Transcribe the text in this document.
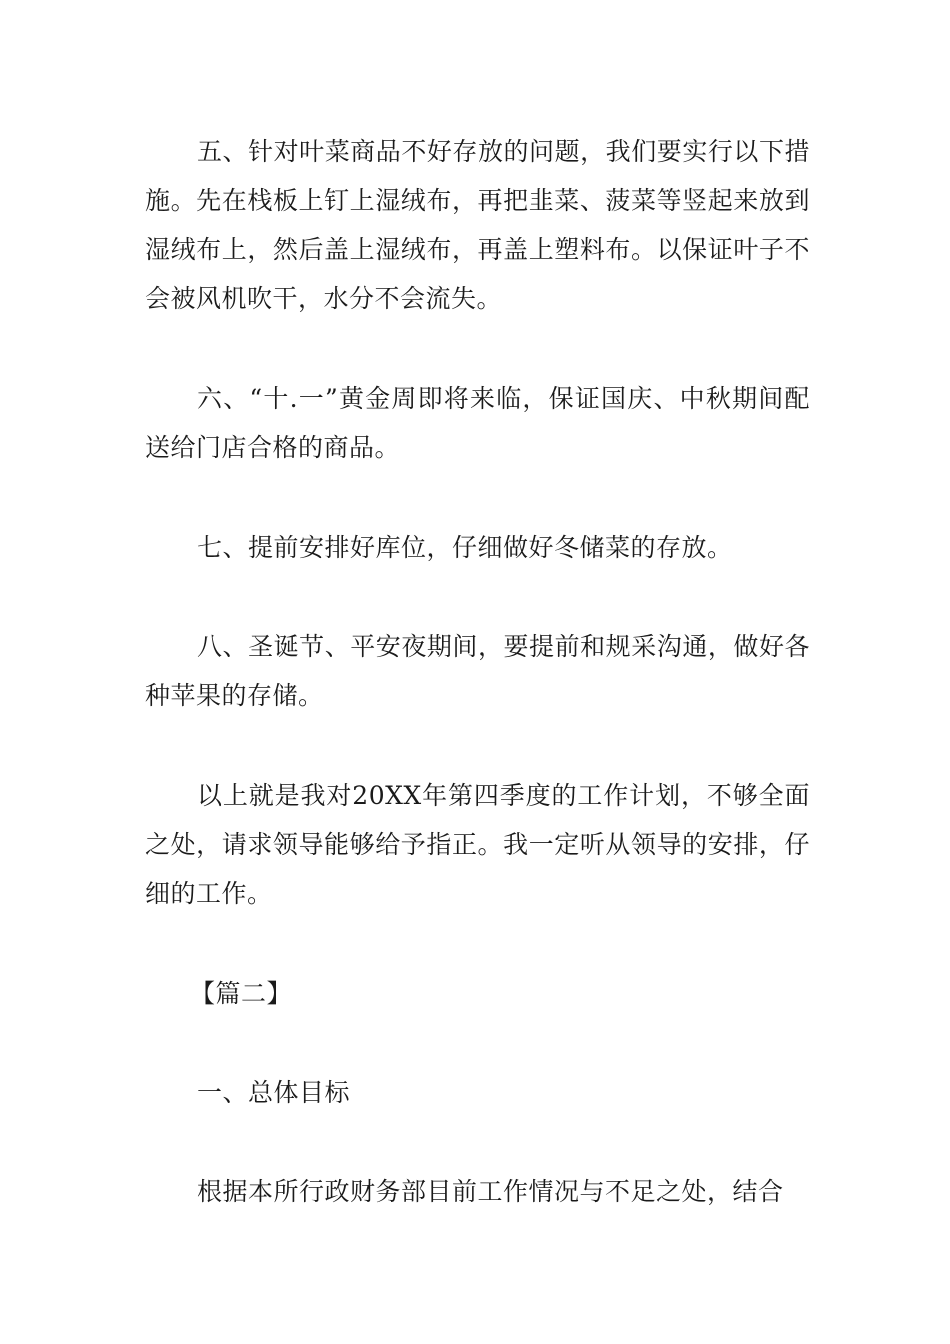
五、针对叶菜商品不好存放的问题，我们要实行以下措施。先在栈板上钉上湿绒布，再把韭菜、菠菜等竖起来放到湿绒布上，然后盖上湿绒布，再盖上塑料布。以保证叶子不会被风机吹干，水分不会流失。

六、“十.一”黄金周即将来临，保证国庆、中秋期间配送给门店合格的商品。

七、提前安排好库位，仔细做好冬储菜的存放。

八、圣诞节、平安夜期间，要提前和规采沟通，做好各种苹果的存储。

以上就是我对20XX年第四季度的工作计划，不够全面之处，请求领导能够给予指正。我一定听从领导的安排，仔细的工作。

【篇二】

一、总体目标

根据本所行政财务部目前工作情况与不足之处，结合
